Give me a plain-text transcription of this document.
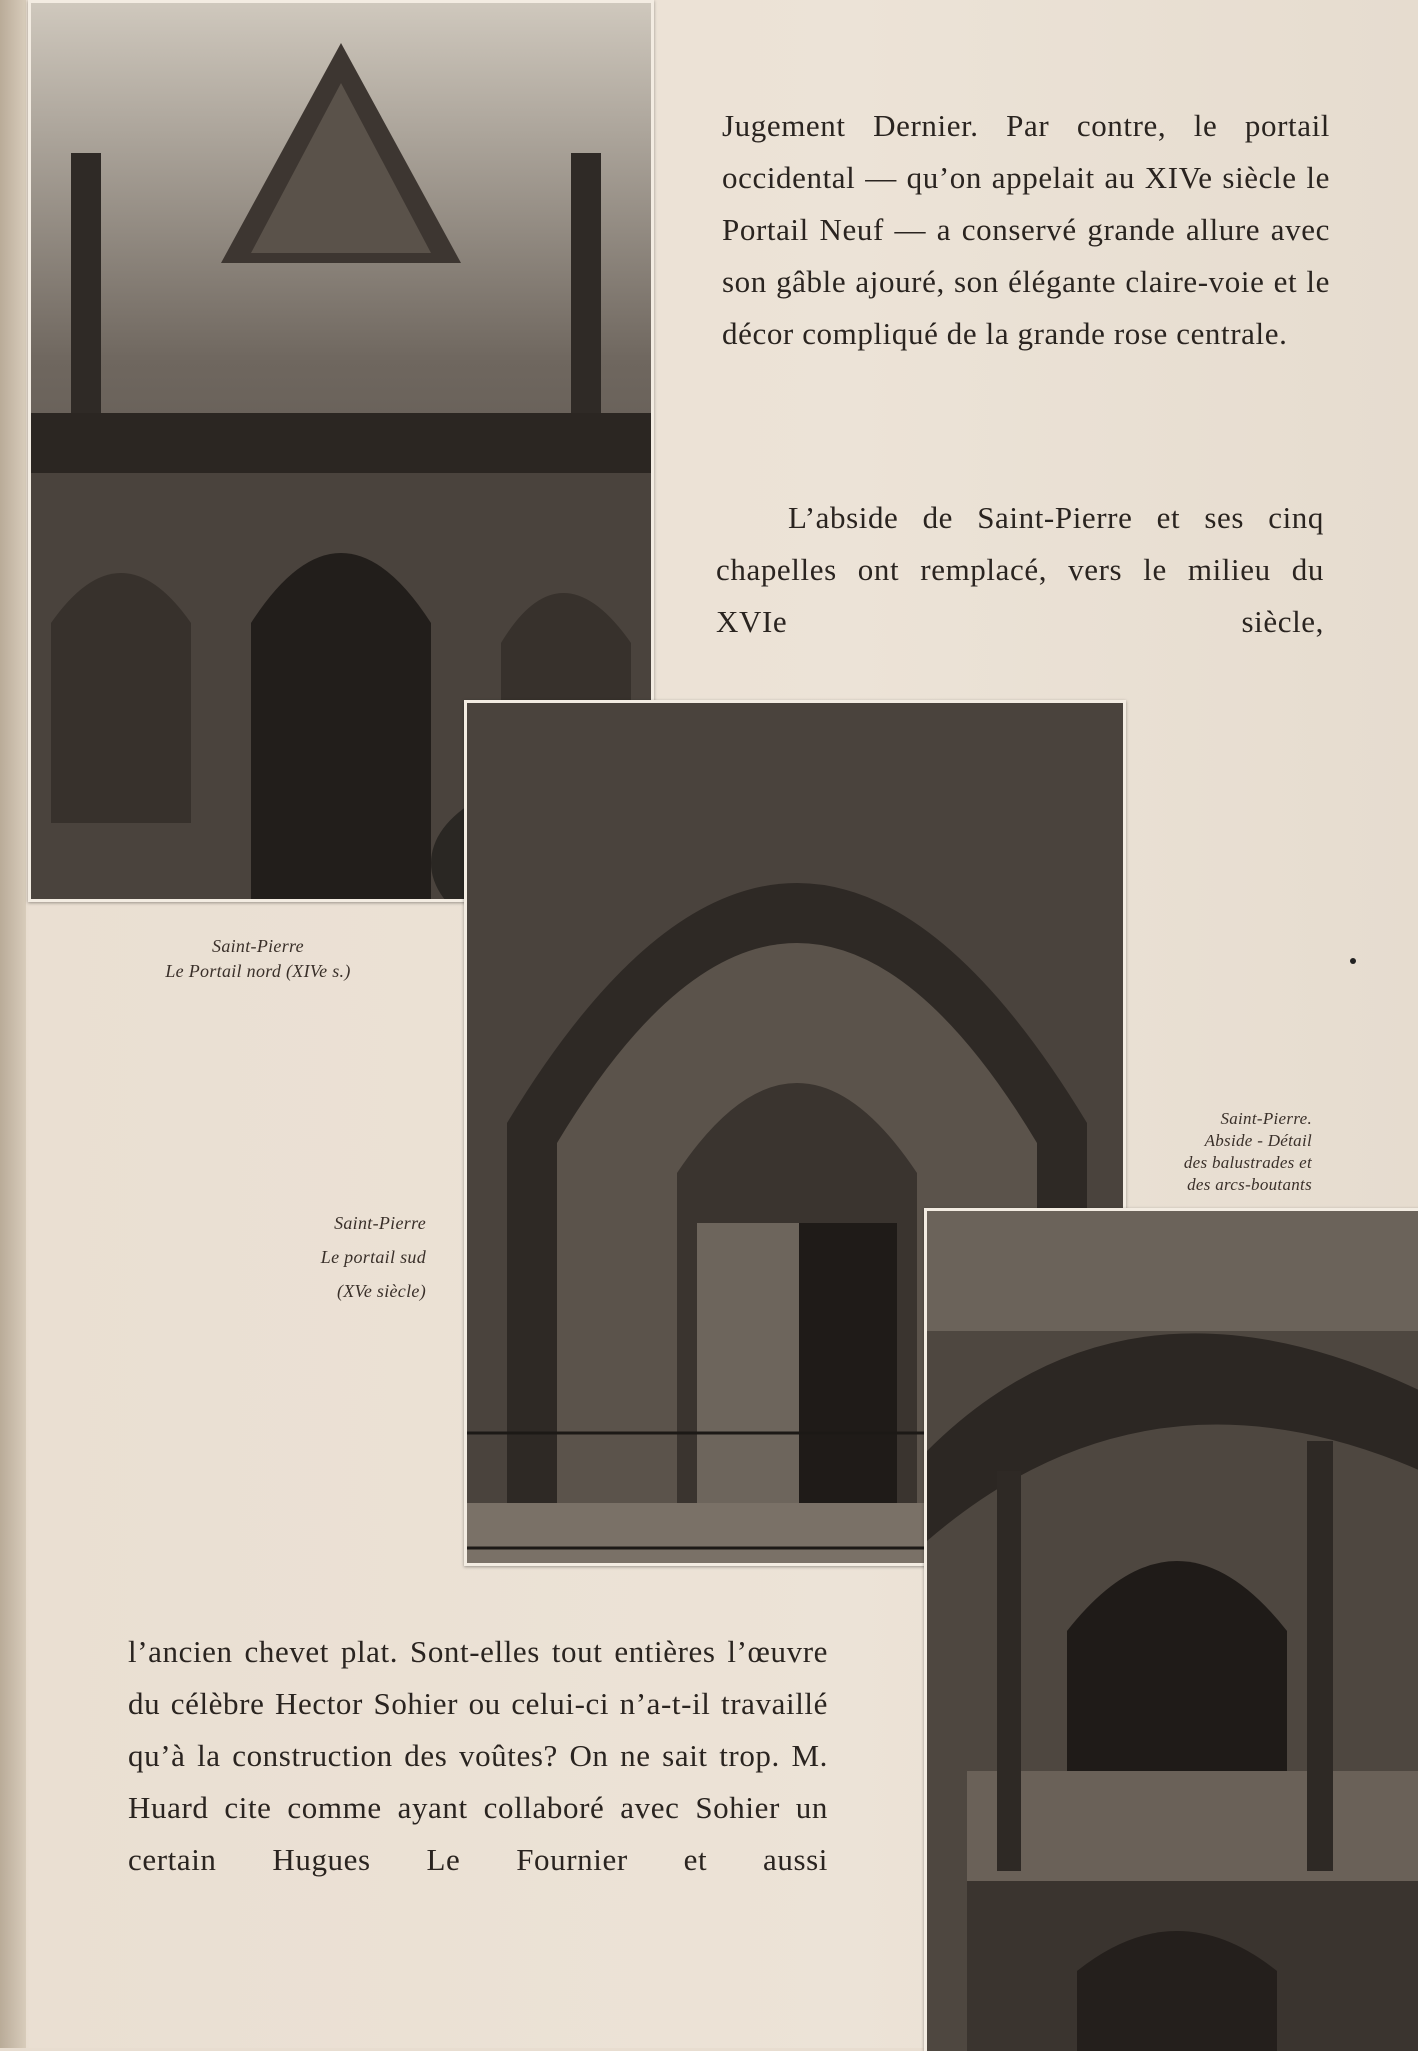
Jugement Dernier. Par contre, le portail occidental — qu’on appelait au XIVe siècle le Portail Neuf — a conservé grande allure avec son gâble ajouré, son élégante claire-voie et le décor compliqué de la grande rose centrale.

L’abside de Saint-Pierre et ses cinq chapelles ont remplacé, vers le milieu du XVIe siècle,

Saint-Pierre
Le Portail nord (XIVe s.)

Saint-Pierre
Le portail sud
(XVe siècle)

Saint-Pierre.
Abside - Détail
des balustrades et
des arcs-boutants

l’ancien chevet plat. Sont-elles tout entières l’œuvre du célèbre Hector Sohier ou celui-ci n’a-t-il travaillé qu’à la construction des voûtes? On ne sait trop. M. Huard cite comme ayant collaboré avec Sohier un certain Hugues Le Fournier et aussi
